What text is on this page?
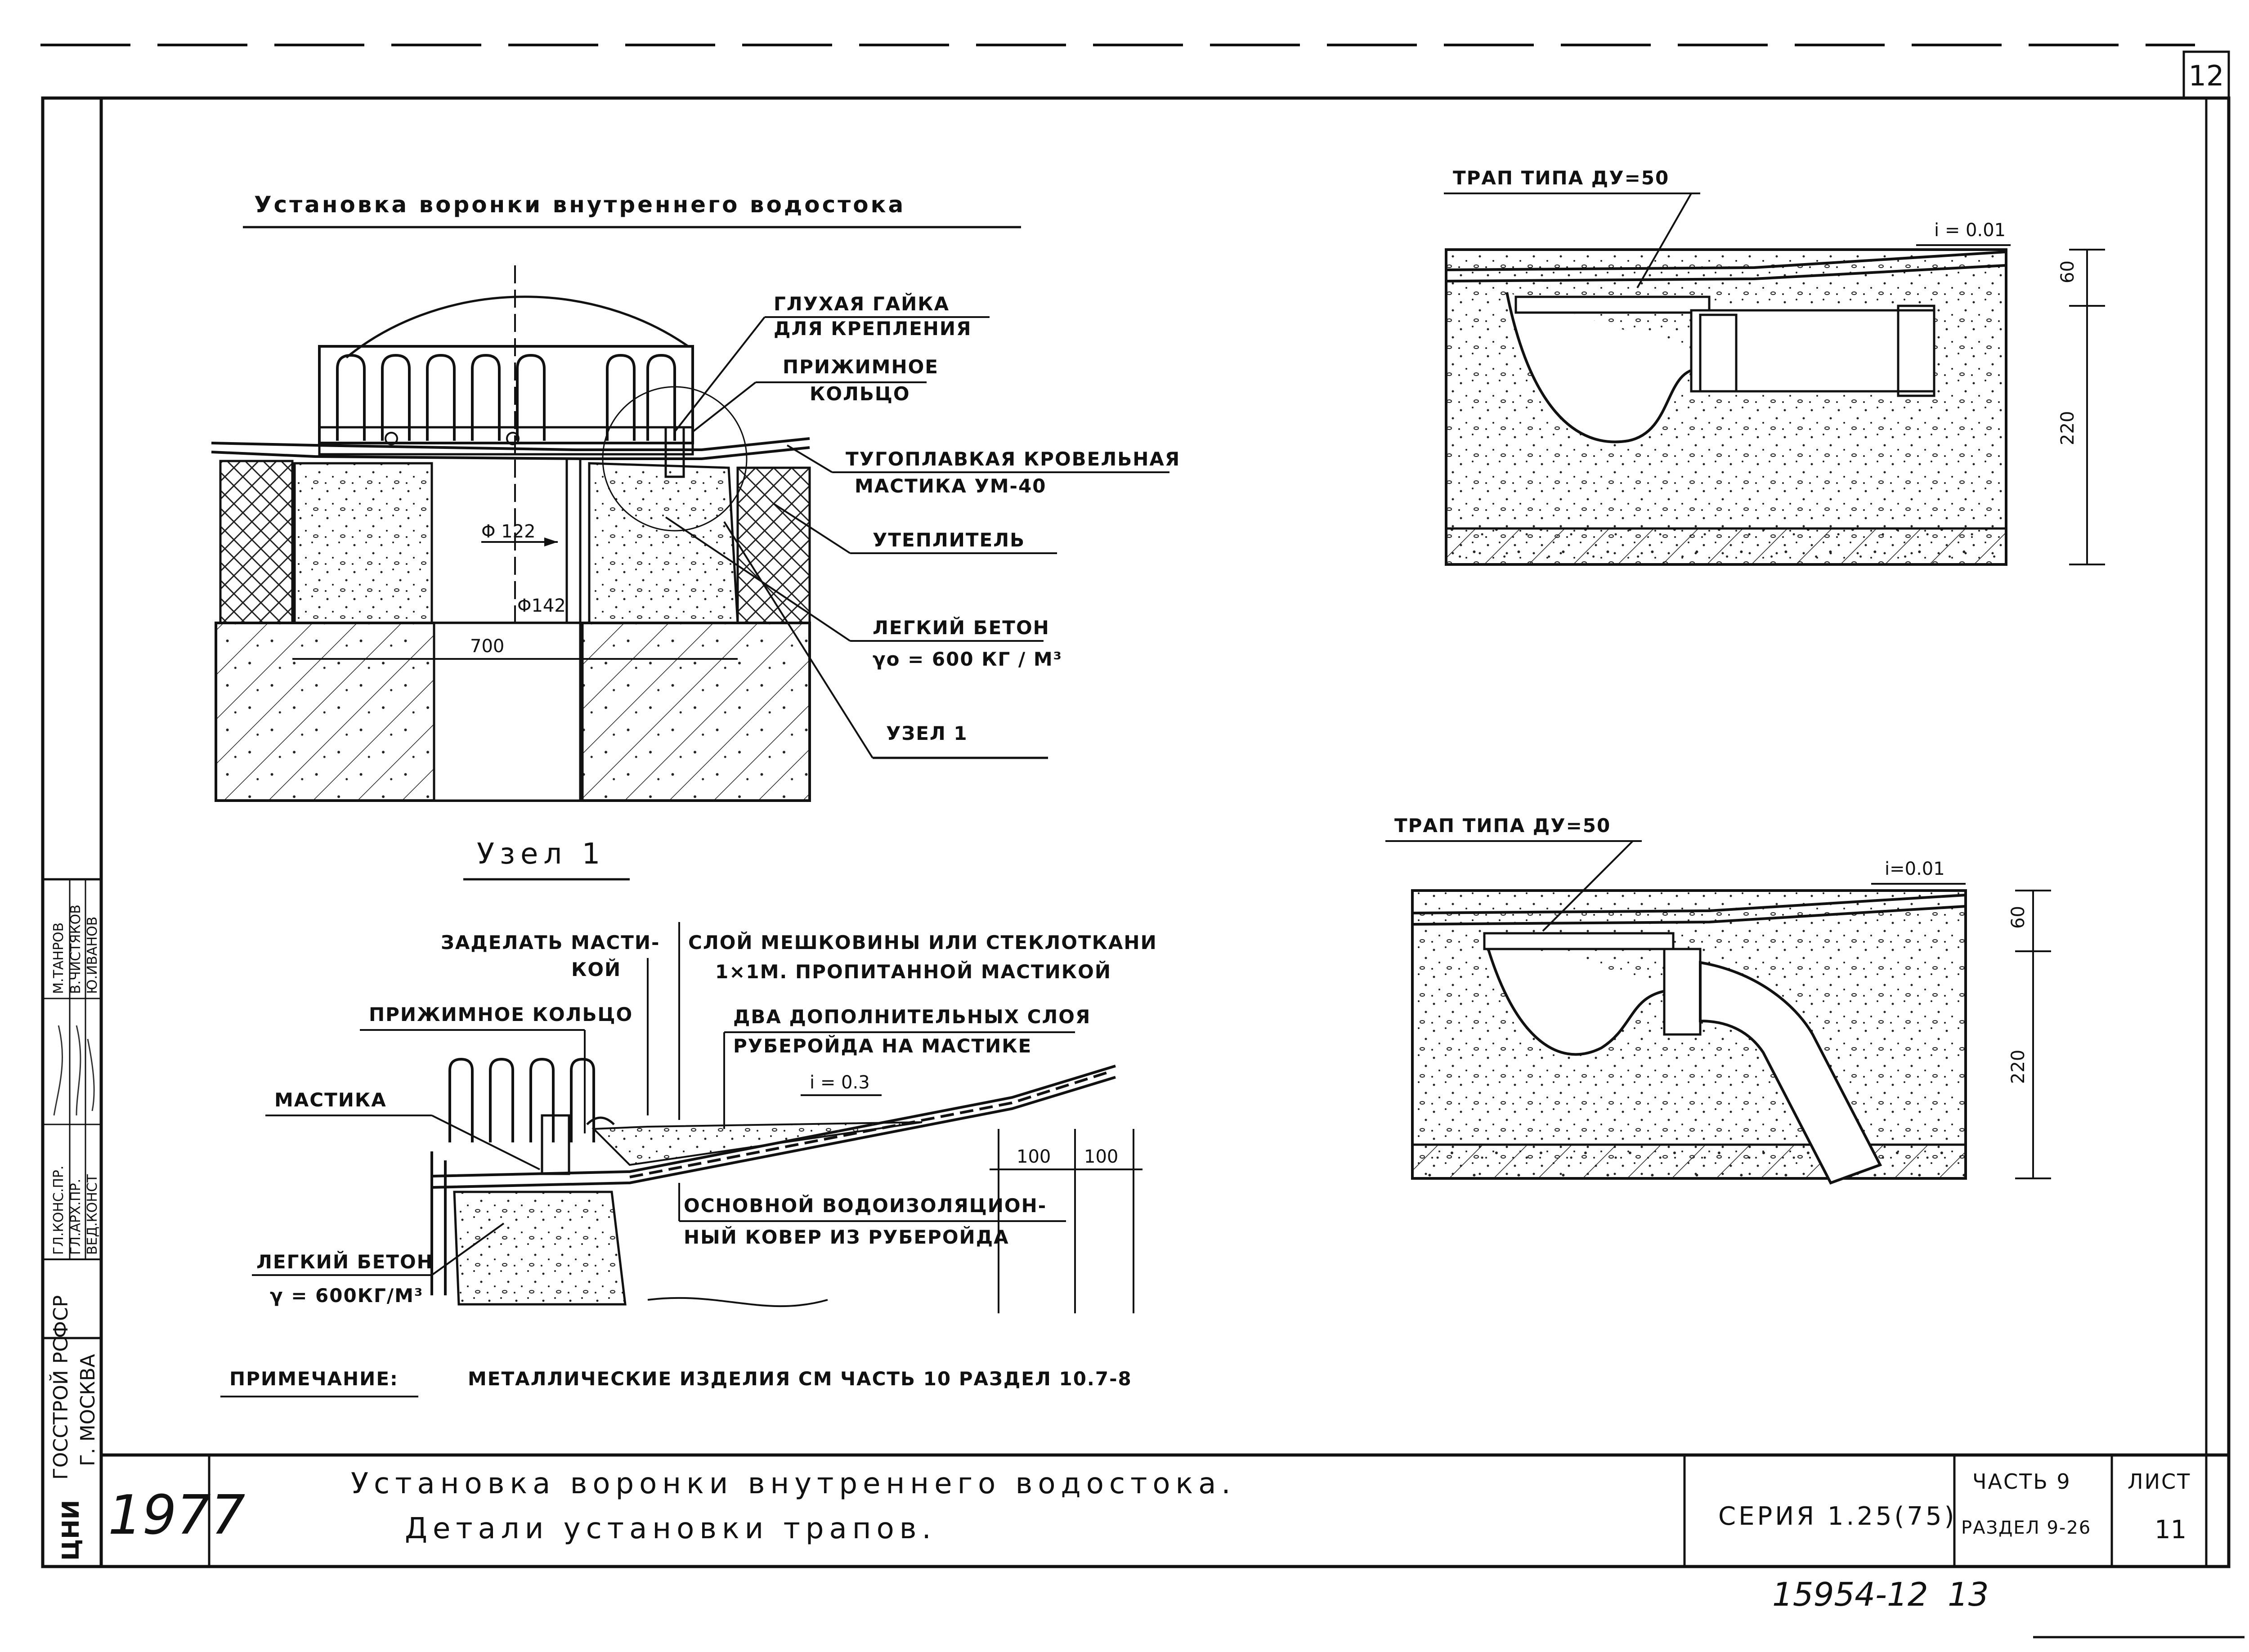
12
Установка воронки внутреннего водостока
Φ 122
Φ142
700
ГЛУХАЯ ГАЙКА
ДЛЯ КРЕПЛЕНИЯ
ПРИЖИМНОЕ
КОЛЬЦО
ТУГОПЛАВКАЯ КРОВЕЛЬНАЯ
МАСТИКА УМ-40
УТЕПЛИТЕЛЬ
ЛЕГКИЙ БЕТОН
γо = 600 КГ / М³
УЗЕЛ 1
Узел 1
100 100
ЗАДЕЛАТЬ МАСТИ-
КОЙ
СЛОЙ МЕШКОВИНЫ ИЛИ СТЕКЛОТКАНИ
1×1М. ПРОПИТАННОЙ МАСТИКОЙ
ПРИЖИМНОЕ КОЛЬЦО	ДВА ДОПОЛНИТЕЛЬНЫХ СЛОЯ
РУБЕРОЙДА НА МАСТИКЕ
i = 0.3
МАСТИКА
ОСНОВНОЙ ВОДОИЗОЛЯЦИОН-
НЫЙ КОВЕР ИЗ РУБЕРОЙДА
ЛЕГКИЙ БЕТОН
γ = 600КГ/М³
ТРАП ТИПА ДУ=50
i = 0.01
60
220
ТРАП ТИПА ДУ=50
i=0.01
60
220
ПРИМЕЧАНИЕ:	МЕТАЛЛИЧЕСКИЕ ИЗДЕЛИЯ СМ ЧАСТЬ 10 РАЗДЕЛ 10.7-8
ГЛ.КОНС.ПР. ГЛ.АРХ.ПР. ВЕД.КОНСТ
М.ТАНРОВ В.ЧИСТЯКОВ Ю.ИВАНОВ
ГОССТРОЙ РСФСР Г. МОСКВА
ЦНИ 1977
Установка воронки внутреннего водостока.
Детали установки трапов.	СЕРИЯ 1.25(75)
ЧАСТЬ 9
РАЗДЕЛ 9-26
ЛИСТ
11
15954-12 13
